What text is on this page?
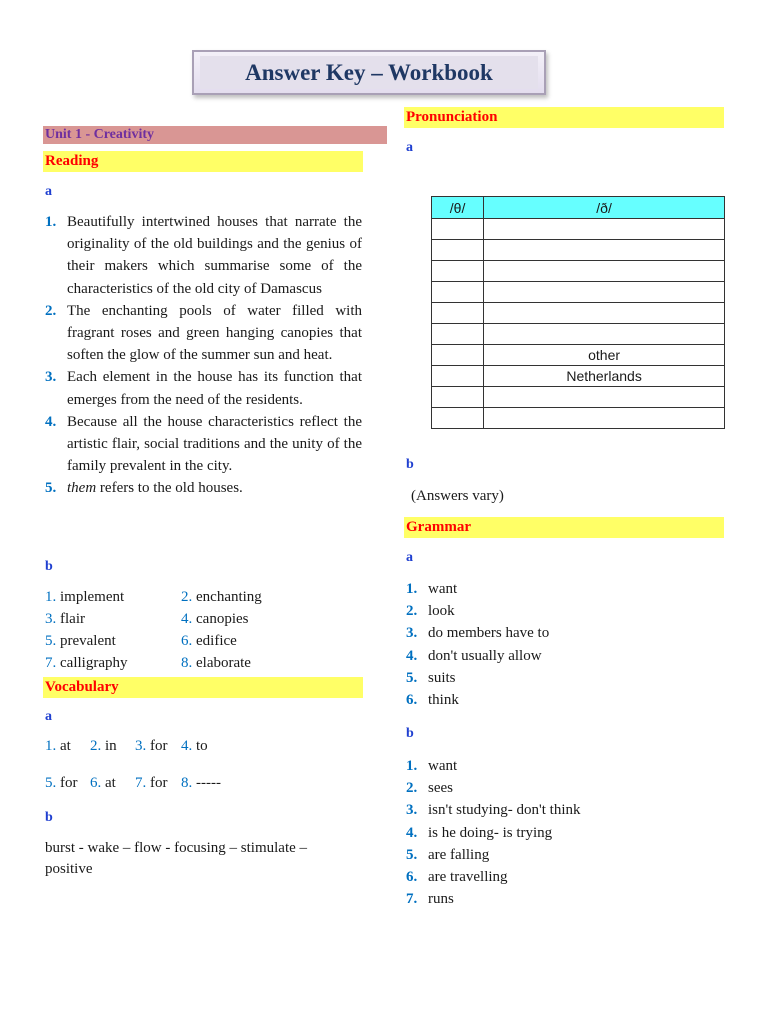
Answer Key – Workbook
Unit 1 - Creativity
Reading
a
1. Beautifully intertwined houses that narrate the originality of the old buildings and the genius of their makers which summarise some of the characteristics of the old city of Damascus
2. The enchanting pools of water filled with fragrant roses and green hanging canopies that soften the glow of the summer sun and heat.
3. Each element in the house has its function that emerges from the need of the residents.
4. Because all the house characteristics reflect the artistic flair, social traditions and the unity of the family prevalent in the city.
5. them refers to the old houses.
b
1. implement	2. enchanting
3. flair	4. canopies
5. prevalent	6. edifice
7. calligraphy	8. elaborate
Vocabulary
a
1. at 2. in 3. for 4. to
5. for 6. at 7. for 8. -----
b
burst - wake – flow - focusing – stimulate –
positive
Pronunciation
a
/θ/	/ð/

	other
	Netherlands

b
(Answers vary)
Grammar
a
1. want
2. look
3. do members have to
4. don't usually allow
5. suits
6. think
b
1. want
2. sees
3. isn't studying- don't think
4. is he doing- is trying
5. are falling
6. are travelling
7. runs
